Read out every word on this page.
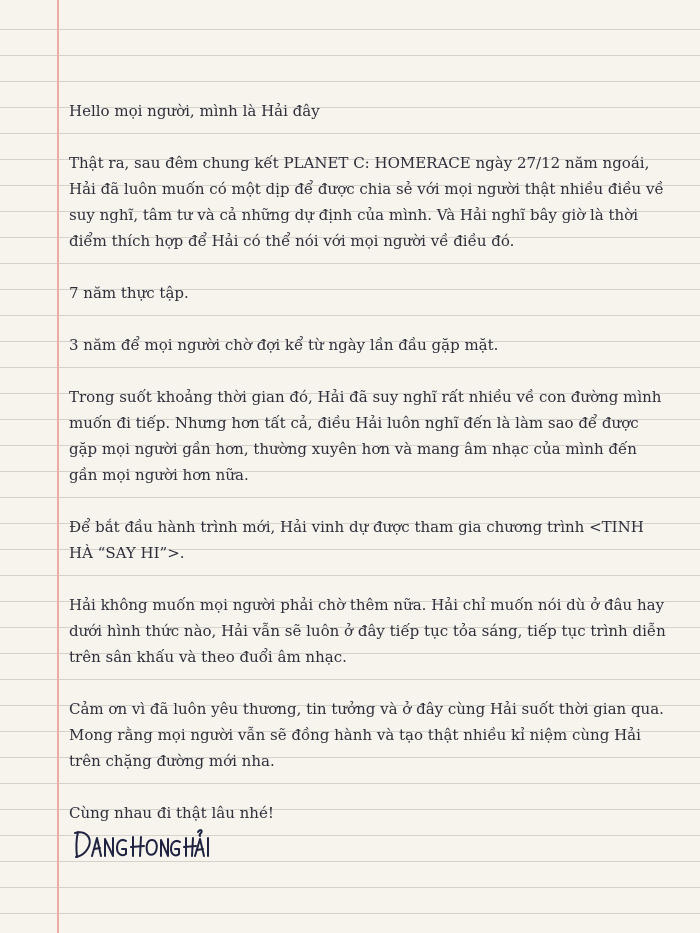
Hello mọi người, mình là Hải đây

Thật ra, sau đêm chung kết PLANET C: HOMERACE ngày 27/12 năm ngoái, Hải đã luôn muốn có một dịp để được chia sẻ với mọi người thật nhiều điều về suy nghĩ, tâm tư và cả những dự định của mình. Và Hải nghĩ bây giờ là thời điểm thích hợp để Hải có thể nói với mọi người về điều đó.

7 năm thực tập.

3 năm để mọi người chờ đợi kể từ ngày lần đầu gặp mặt.

Trong suốt khoảng thời gian đó, Hải đã suy nghĩ rất nhiều về con đường mình muốn đi tiếp. Nhưng hơn tất cả, điều Hải luôn nghĩ đến là làm sao để được gặp mọi người gần hơn, thường xuyên hơn và mang âm nhạc của mình đến gần mọi người hơn nữa.

Để bắt đầu hành trình mới, Hải vinh dự được tham gia chương trình <TINH HÀ “SAY HI”>.

Hải không muốn mọi người phải chờ thêm nữa. Hải chỉ muốn nói dù ở đâu hay dưới hình thức nào, Hải vẫn sẽ luôn ở đây tiếp tục tỏa sáng, tiếp tục trình diễn trên sân khấu và theo đuổi âm nhạc.

Cảm ơn vì đã luôn yêu thương, tin tưởng và ở đây cùng Hải suốt thời gian qua. Mong rằng mọi người vẫn sẽ đồng hành và tạo thật nhiều kỉ niệm cùng Hải trên chặng đường mới nha.

Cùng nhau đi thật lâu nhé!
